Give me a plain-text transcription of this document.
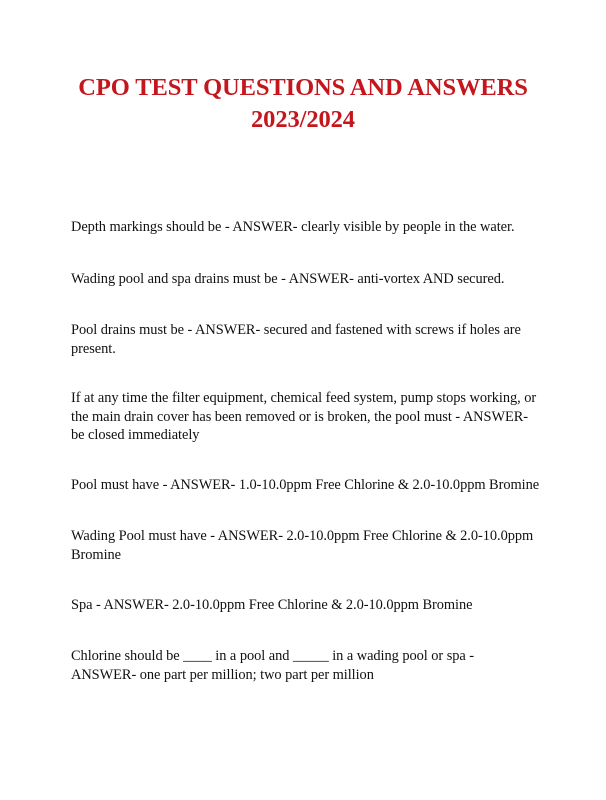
CPO TEST QUESTIONS AND ANSWERS
2023/2024

Depth markings should be - ANSWER- clearly visible by people in the water.

Wading pool and spa drains must be - ANSWER- anti-vortex AND secured.

Pool drains must be - ANSWER- secured and fastened with screws if holes are present.

If at any time the filter equipment, chemical feed system, pump stops working, or the main drain cover has been removed or is broken, the pool must - ANSWER- be closed immediately

Pool must have - ANSWER- 1.0-10.0ppm Free Chlorine & 2.0-10.0ppm Bromine

Wading Pool must have - ANSWER- 2.0-10.0ppm Free Chlorine & 2.0-10.0ppm Bromine

Spa - ANSWER- 2.0-10.0ppm Free Chlorine & 2.0-10.0ppm Bromine

Chlorine should be ____ in a pool and _____ in a wading pool or spa - ANSWER- one part per million; two part per million
